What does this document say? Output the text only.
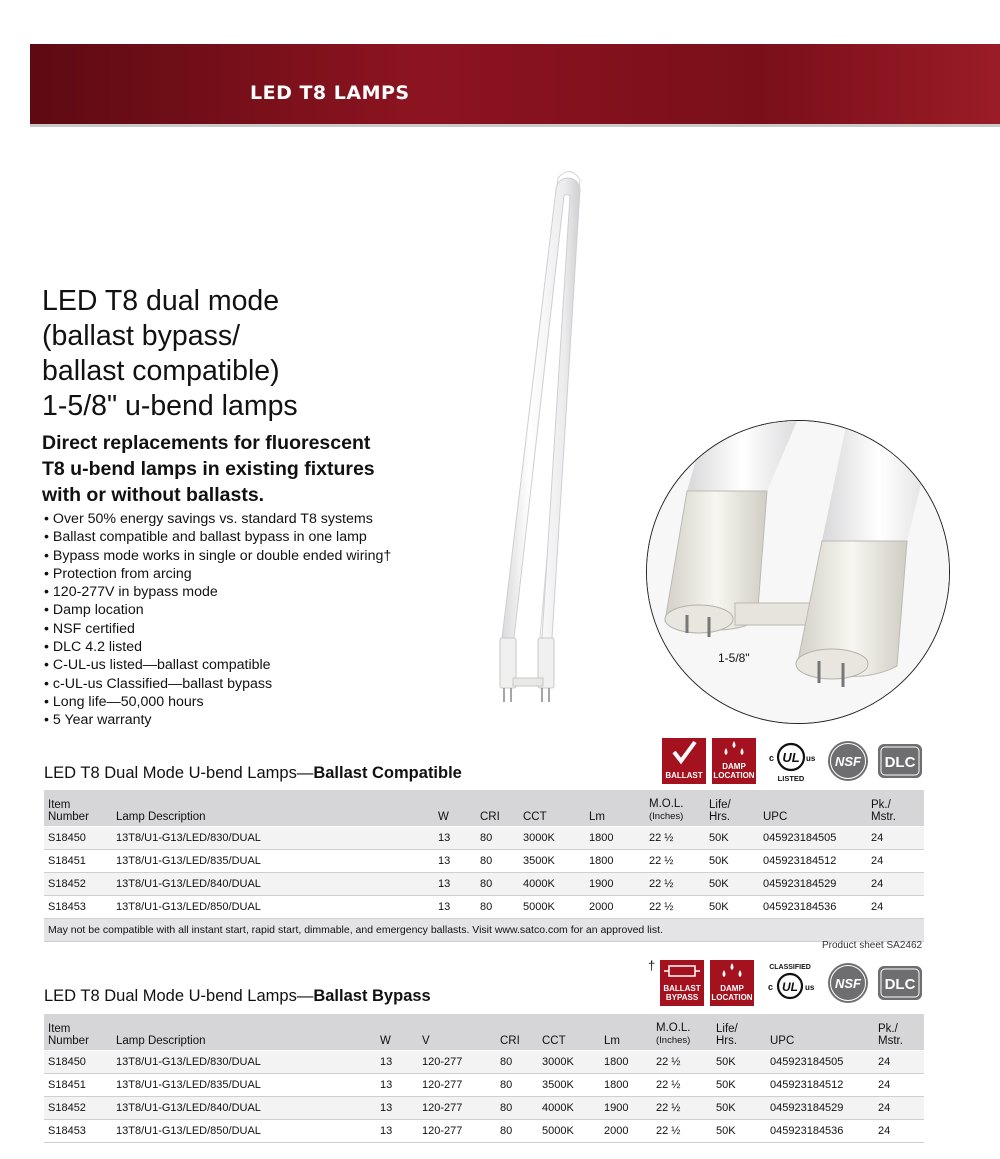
LED T8 LAMPS
LED T8 dual mode
(ballast bypass/
ballast compatible)
1-5/8" u-bend lamps
Direct replacements for fluorescent
T8 u-bend lamps in existing fixtures
with or without ballasts.
• Over 50% energy savings vs. standard T8 systems
• Ballast compatible and ballast bypass in one lamp
• Bypass mode works in single or double ended wiring†
• Protection from arcing
• 120-277V in bypass mode
• Damp location
• NSF certified
• DLC 4.2 listed
• C-UL-us listed—ballast compatible
• c-UL-us Classified—ballast bypass
• Long life—50,000 hours
• 5 Year warranty
1-5/8"
LED T8 Dual Mode U-bend Lamps—Ballast Compatible	BALLAST
DAMP
LOCATION
UL
c	us
LISTED
NSF DLC
Item
Number	Lamp Description	W	CRI	CCT	Lm	M.O.L.
(Inches)	Life/
Hrs.	UPC	Pk./
Mstr.
S18450	13T8/U1-G13/LED/830/DUAL	13	80	3000K	1800	22 ½	50K	045923184505	24
S18451	13T8/U1-G13/LED/835/DUAL	13	80	3500K	1800	22 ½	50K	045923184512	24
S18452	13T8/U1-G13/LED/840/DUAL	13	80	4000K	1900	22 ½	50K	045923184529	24
S18453	13T8/U1-G13/LED/850/DUAL	13	80	5000K	2000	22 ½	50K	045923184536	24
May not be compatible with all instant start, rapid start, dimmable, and emergency ballasts. Visit www.satco.com for an approved list.									
Product sheet SA2462
LED T8 Dual Mode U-bend Lamps—Ballast Bypass
†
BALLAST
BYPASS
DAMP
LOCATION
UL
c	us
CLASSIFIED
NSF DLC
Item
Number	Lamp Description	W	V	CRI	CCT	Lm	M.O.L.
(Inches)	Life/
Hrs.	UPC	Pk./
Mstr.
S18450	13T8/U1-G13/LED/830/DUAL	13	120-277	80	3000K	1800	22 ½	50K	045923184505	24
S18451	13T8/U1-G13/LED/835/DUAL	13	120-277	80	3500K	1800	22 ½	50K	045923184512	24
S18452	13T8/U1-G13/LED/840/DUAL	13	120-277	80	4000K	1900	22 ½	50K	045923184529	24
S18453	13T8/U1-G13/LED/850/DUAL	13	120-277	80	5000K	2000	22 ½	50K	045923184536	24
